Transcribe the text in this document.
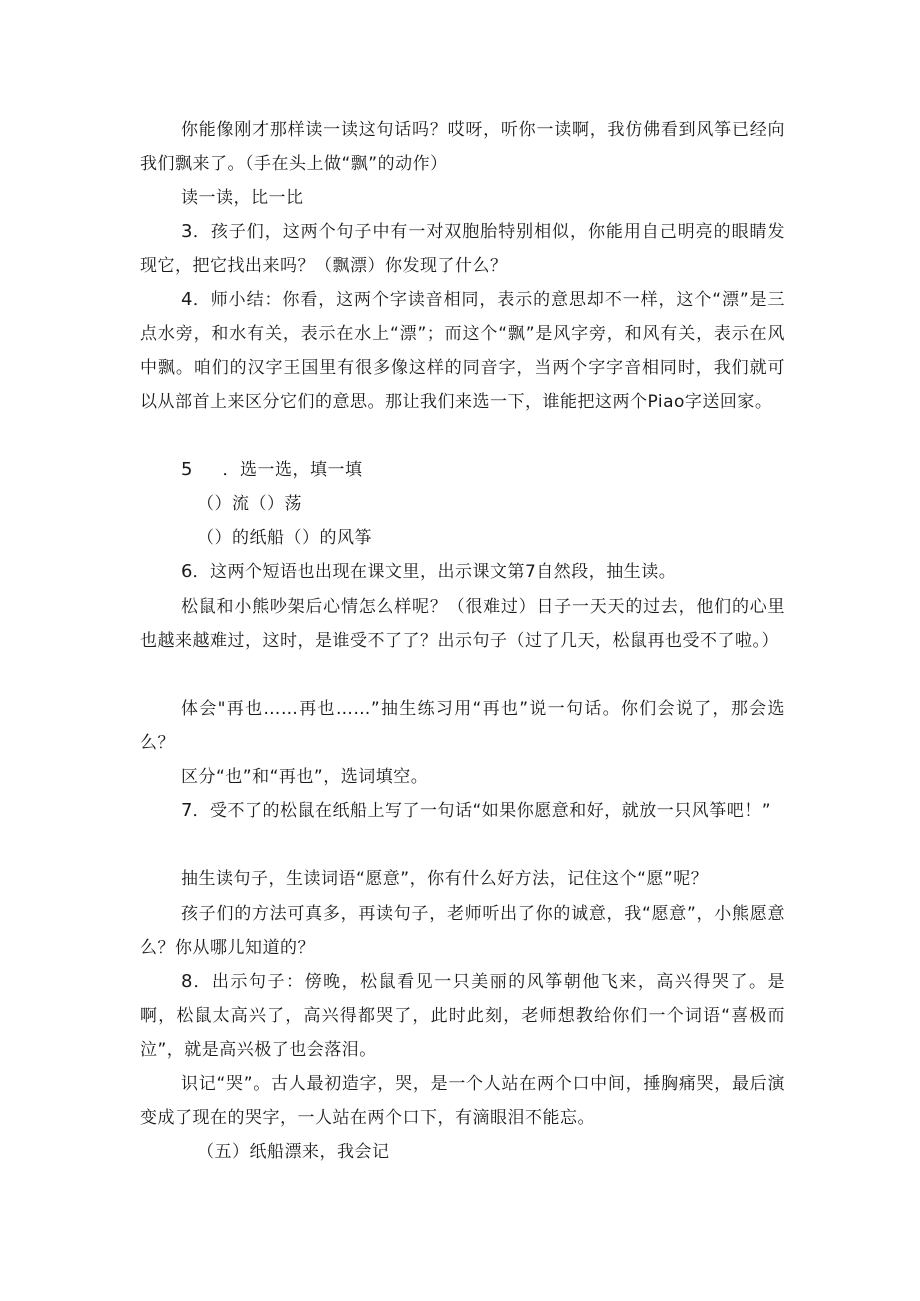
你能像刚才那样读一读这句话吗？哎呀，听你一读啊，我仿佛看到风筝已经向我们飘来了。（手在头上做“飘”的动作）

读一读，比一比

3．孩子们，这两个句子中有一对双胞胎特别相似，你能用自己明亮的眼睛发现它，把它找出来吗？（飘漂）你发现了什么？

4．师小结：你看，这两个字读音相同，表示的意思却不一样，这个“漂”是三点水旁，和水有关，表示在水上“漂”；而这个“飘”是风字旁，和风有关，表示在风中飘。咱们的汉字王国里有很多像这样的同音字，当两个字字音相同时，我们就可以从部首上来区分它们的意思。那让我们来选一下，谁能把这两个Piao字送回家。

5 ．选一选，填一填

（）流（）荡

（）的纸船（）的风筝

6．这两个短语也出现在课文里，出示课文第7自然段，抽生读。

松鼠和小熊吵架后心情怎么样呢？（很难过）日子一天天的过去，他们的心里也越来越难过，这时，是谁受不了了？出示句子（过了几天，松鼠再也受不了啦。）

体会"再也……再也……”抽生练习用“再也”说一句话。你们会说了，那会选么？

区分“也”和“再也”，选词填空。

7．受不了的松鼠在纸船上写了一句话“如果你愿意和好，就放一只风筝吧！”

抽生读句子，生读词语“愿意”，你有什么好方法，记住这个“愿”呢？

孩子们的方法可真多，再读句子，老师听出了你的诚意，我“愿意”，小熊愿意么？你从哪儿知道的？

8．出示句子：傍晚，松鼠看见一只美丽的风筝朝他飞来，高兴得哭了。是啊，松鼠太高兴了，高兴得都哭了，此时此刻，老师想教给你们一个词语“喜极而泣”，就是高兴极了也会落泪。

识记“哭”。古人最初造字，哭，是一个人站在两个口中间，捶胸痛哭，最后演变成了现在的哭字，一人站在两个口下，有滴眼泪不能忘。

（五）纸船漂来，我会记
